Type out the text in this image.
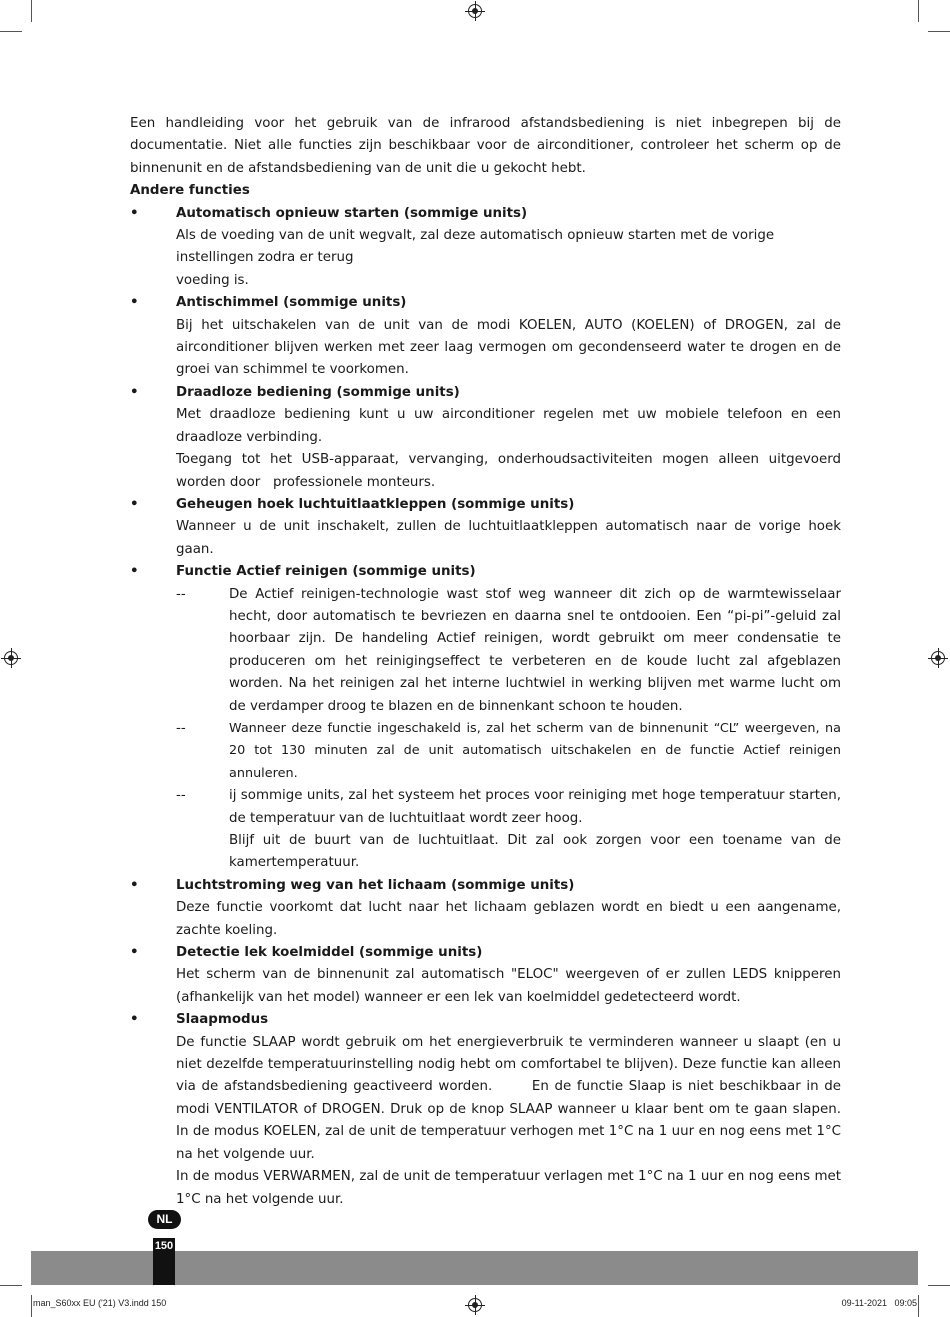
Een handleiding voor het gebruik van de infrarood afstandsbediening is niet inbegrepen bij de documentatie. Niet alle functies zijn beschikbaar voor de airconditioner, controleer het scherm op de binnenunit en de afstandsbediening van de unit die u gekocht hebt.

Andere functies

•	Automatisch opnieuw starten (sommige units)

Als de voeding van de unit wegvalt, zal deze automatisch opnieuw starten met de vorige instellingen zodra er terug

voeding is.

•	Antischimmel (sommige units)

Bij het uitschakelen van de unit van de modi KOELEN, AUTO (KOELEN) of DROGEN, zal de airconditioner blijven werken met zeer laag vermogen om gecondenseerd water te drogen en de groei van schimmel te voorkomen.

•	Draadloze bediening (sommige units)

Met draadloze bediening kunt u uw airconditioner regelen met uw mobiele telefoon en een draadloze verbinding.

Toegang tot het USB-apparaat, vervanging, onderhoudsactiviteiten mogen alleen uitgevoerd worden door   professionele monteurs.

•	Geheugen hoek luchtuitlaatkleppen (sommige units)

Wanneer u de unit inschakelt, zullen de luchtuitlaatkleppen automatisch naar de vorige hoek gaan.

•	Functie Actief reinigen (sommige units)

--	De Actief reinigen-technologie wast stof weg wanneer dit zich op de warmtewisselaar hecht, door automatisch te bevriezen en daarna snel te ontdooien. Een “pi-pi”-geluid zal hoorbaar zijn. De handeling Actief reinigen, wordt gebruikt om meer condensatie te produceren om het reinigingseffect te verbeteren en de koude lucht zal afgeblazen worden. Na het reinigen zal het interne luchtwiel in werking blijven met warme lucht om de verdamper droog te blazen en de binnenkant schoon te houden.

--	Wanneer deze functie ingeschakeld is, zal het scherm van de binnenunit “CL” weergeven, na 20 tot 130 minuten zal de unit automatisch uitschakelen en de functie Actief reinigen annuleren.

--	ij sommige units, zal het systeem het proces voor reiniging met hoge temperatuur starten, de temperatuur van de luchtuitlaat wordt zeer hoog.

Blijf uit de buurt van de luchtuitlaat. Dit zal ook zorgen voor een toename van de kamertemperatuur.

•	Luchtstroming weg van het lichaam (sommige units)

Deze functie voorkomt dat lucht naar het lichaam geblazen wordt en biedt u een aangename, zachte koeling.

•	Detectie lek koelmiddel (sommige units)

Het scherm van de binnenunit zal automatisch "ELOC" weergeven of er zullen LEDS knipperen (afhankelijk van het model) wanneer er een lek van koelmiddel gedetecteerd wordt.

•	Slaapmodus

De functie SLAAP wordt gebruik om het energieverbruik te verminderen wanneer u slaapt (en u niet dezelfde temperatuurinstelling nodig hebt om comfortabel te blijven). Deze functie kan alleen via de afstandsbediening geactiveerd worden.       En de functie Slaap is niet beschikbaar in de modi VENTILATOR of DROGEN. Druk op de knop SLAAP wanneer u klaar bent om te gaan slapen. In de modus KOELEN, zal de unit de temperatuur verhogen met 1°C na 1 uur en nog eens met 1°C na het volgende uur.

In de modus VERWARMEN, zal de unit de temperatuur verlagen met 1°C na 1 uur en nog eens met 1°C na het volgende uur.

NL
150
man_S60xx EU ('21) V3.indd 150	09-11-2021   09:05
